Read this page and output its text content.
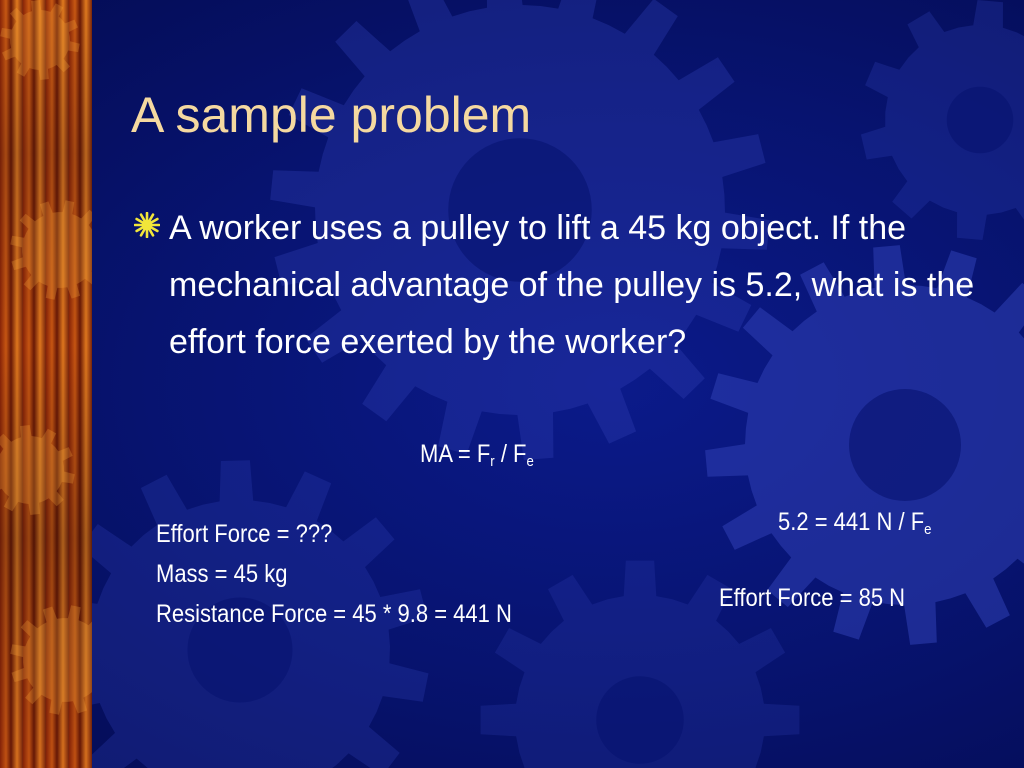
A sample problem

A worker uses a pulley to lift a 45 kg object. If the mechanical advantage of the pulley is 5.2, what is the effort force exerted by the worker?

MA = $F_r / F_e$
Effort Force = ???
Mass = 45 kg
Resistance Force = 45 * 9.8 = 441 N
5.2 = 441 N / $F_e$
Effort Force = 85 N
